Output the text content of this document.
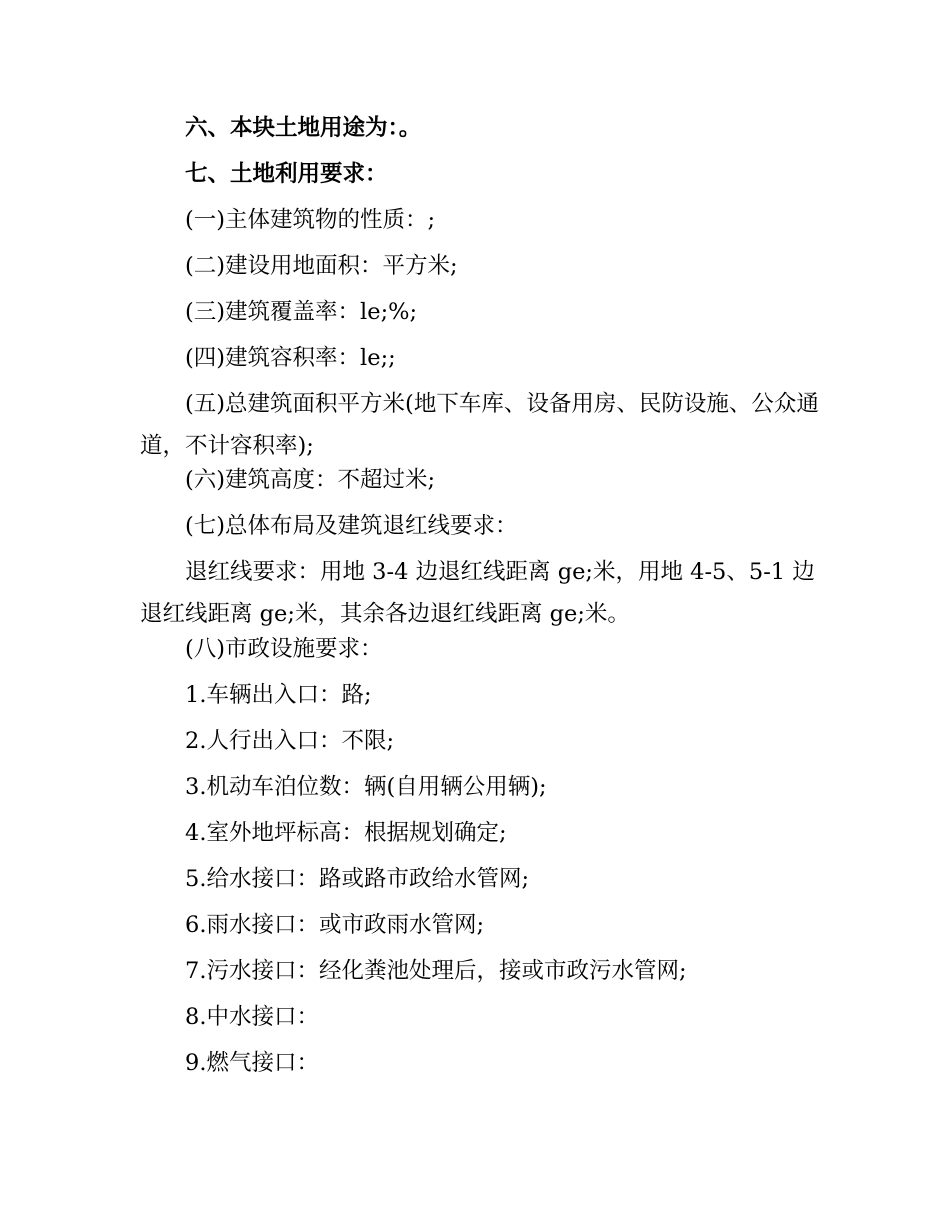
六、本块土地用途为：。

七、土地利用要求：

(一)主体建筑物的性质：;

(二)建设用地面积：平方米;

(三)建筑覆盖率：le;%;

(四)建筑容积率：le;;

(五)总建筑面积平方米(地下车库、设备用房、民防设施、公众通道，不计容积率);

(六)建筑高度：不超过米;

(七)总体布局及建筑退红线要求：

退红线要求：用地 3-4 边退红线距离 ge;米，用地 4-5、5-1 边退红线距离 ge;米，其余各边退红线距离 ge;米。

(八)市政设施要求：

1.车辆出入口：路;

2.人行出入口：不限;

3.机动车泊位数：辆(自用辆公用辆);

4.室外地坪标高：根据规划确定;

5.给水接口：路或路市政给水管网;

6.雨水接口：或市政雨水管网;

7.污水接口：经化粪池处理后，接或市政污水管网;

8.中水接口：

9.燃气接口：
